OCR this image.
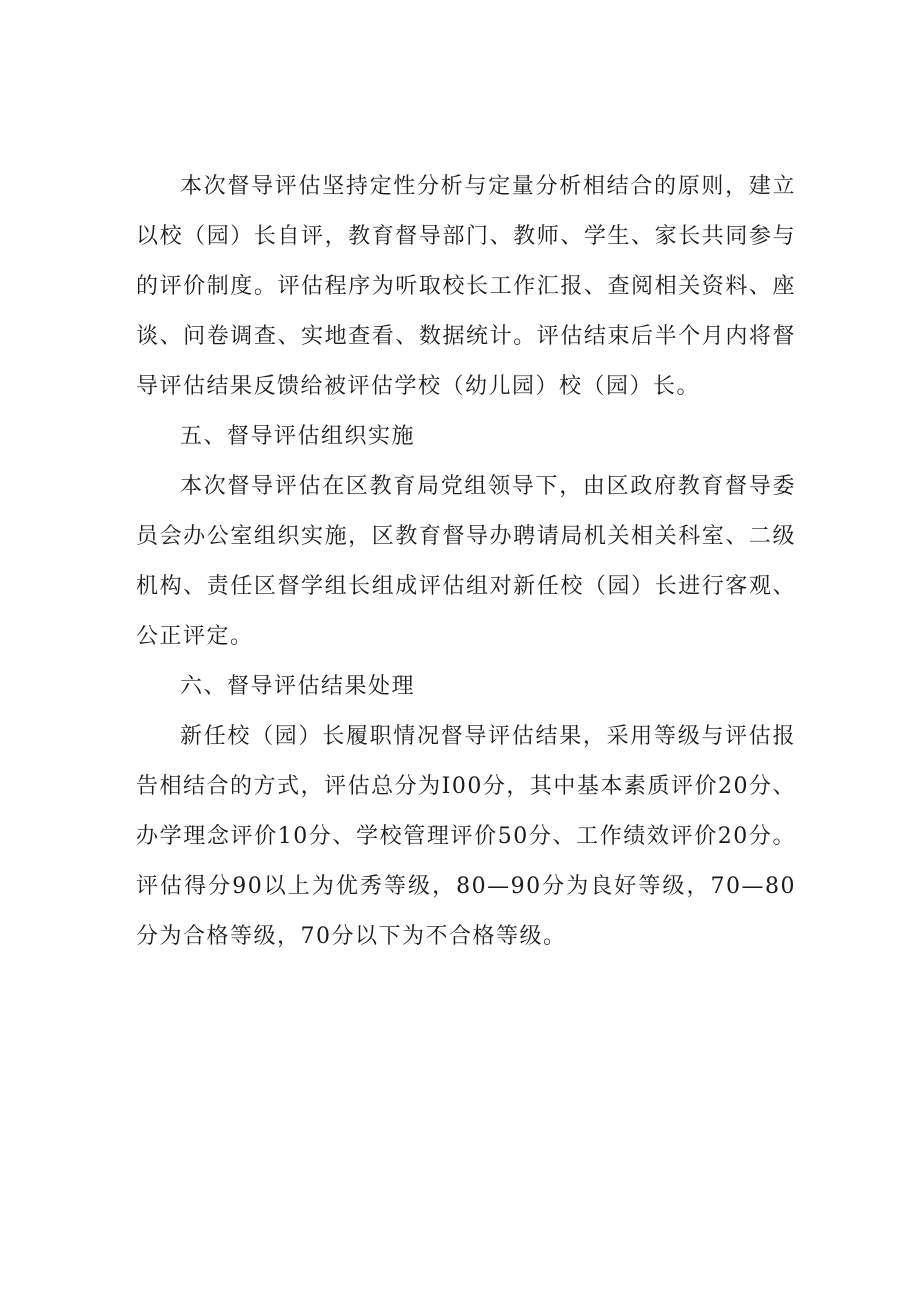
本次督导评估坚持定性分析与定量分析相结合的原则，建立以校（园）长自评，教育督导部门、教师、学生、家长共同参与的评价制度。评估程序为听取校长工作汇报、查阅相关资料、座谈、问卷调查、实地查看、数据统计。评估结束后半个月内将督导评估结果反馈给被评估学校（幼儿园）校（园）长。

五、督导评估组织实施

本次督导评估在区教育局党组领导下，由区政府教育督导委员会办公室组织实施，区教育督导办聘请局机关相关科室、二级机构、责任区督学组长组成评估组对新任校（园）长进行客观、公正评定。

六、督导评估结果处理

新任校（园）长履职情况督导评估结果，采用等级与评估报告相结合的方式，评估总分为I00分，其中基本素质评价20分、办学理念评价10分、学校管理评价50分、工作绩效评价20分。评估得分90以上为优秀等级，80—90分为良好等级，70—80分为合格等级，70分以下为不合格等级。
